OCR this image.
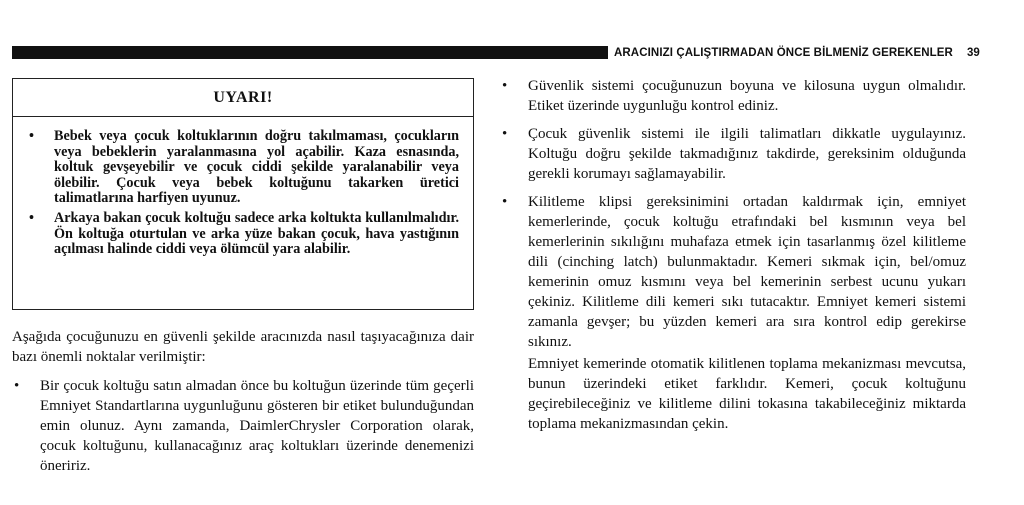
ARACINIZI ÇALIŞTIRMADAN ÖNCE BİLMENİZ GEREKENLER 39
UYARI!
• Bebek veya çocuk koltuklarının doğru takılmaması, çocukların veya bebeklerin yaralanmasına yol açabilir. Kaza esnasında, koltuk gevşeyebilir ve çocuk ciddi şekilde yaralanabilir veya ölebilir. Çocuk veya bebek koltuğunu takarken üretici talimatlarına harfiyen uyunuz.
• Arkaya bakan çocuk koltuğu sadece arka koltukta kullanılmalıdır. Ön koltuğa oturtulan ve arka yüze bakan çocuk, hava yastığının açılması halinde ciddi veya ölümcül yara alabilir.

Aşağıda çocuğunuzu en güvenli şekilde aracınızda nasıl taşıyacağınıza dair bazı önemli noktalar verilmiştir:

• Bir çocuk koltuğu satın almadan önce bu koltuğun üzerinde tüm geçerli Emniyet Standartlarına uygunluğunu gösteren bir etiket bulunduğundan emin olunuz. Aynı zamanda, DaimlerChrysler Corporation olarak, çocuk koltuğunu, kullanacağınız araç koltukları üzerinde denemenizi öneririz.
• Güvenlik sistemi çocuğunuzun boyuna ve kilosuna uygun olmalıdır. Etiket üzerinde uygunluğu kontrol ediniz.
• Çocuk güvenlik sistemi ile ilgili talimatları dikkatle uygulayınız. Koltuğu doğru şekilde takmadığınız takdirde, gereksinim olduğunda gerekli korumayı sağlamayabilir.
• Kilitleme klipsi gereksinimini ortadan kaldırmak için, emniyet kemerlerinde, çocuk koltuğu etrafındaki bel kısmının veya bel kemerlerinin sıkılığını muhafaza etmek için tasarlanmış özel kilitleme dili (cinching latch) bulunmaktadır. Kemeri sıkmak için, bel/omuz kemerinin omuz kısmını veya bel kemerinin serbest ucunu yukarı çekiniz. Kilitleme dili kemeri sıkı tutacaktır. Emniyet kemeri sistemi zamanla gevşer; bu yüzden kemeri ara sıra kontrol edip gerekirse sıkınız.

Emniyet kemerinde otomatik kilitlenen toplama mekanizması mevcutsa, bunun üzerindeki etiket farklıdır. Kemeri, çocuk koltuğunu geçirebileceğiniz ve kilitleme dilini tokasına takabileceğiniz miktarda toplama mekanizmasından çekin.
